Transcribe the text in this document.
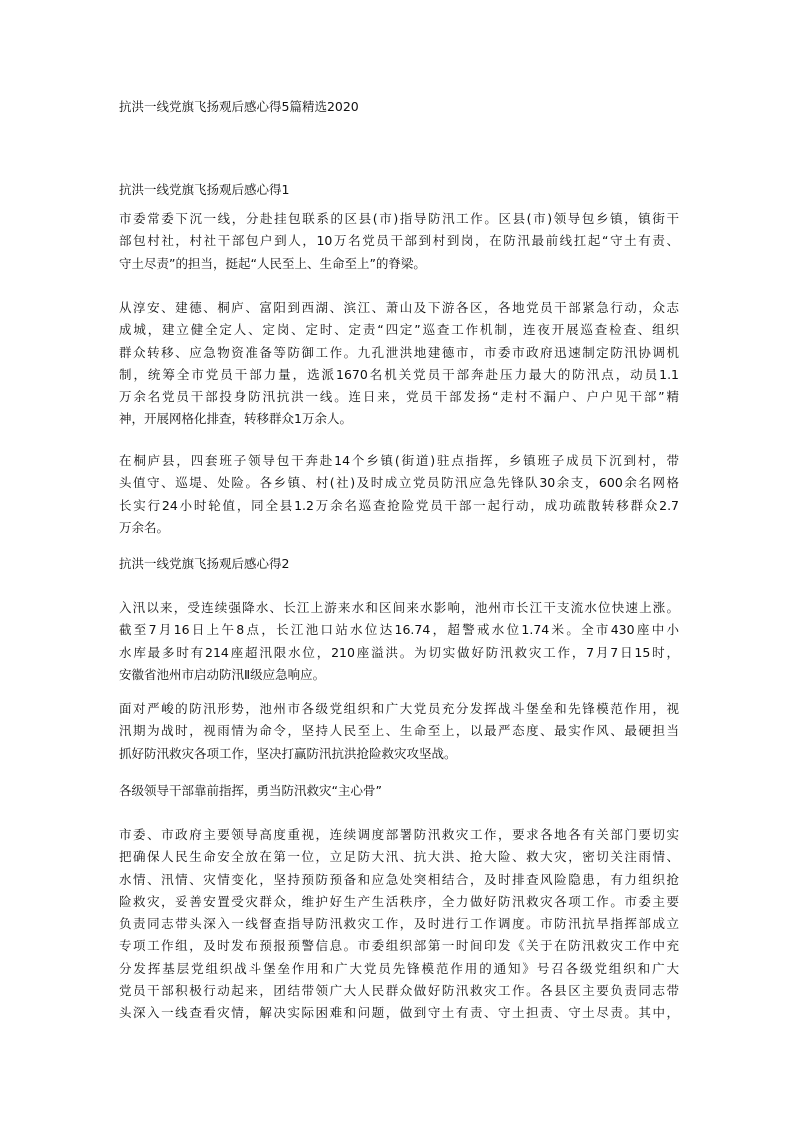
抗洪一线党旗飞扬观后感心得5篇精选2020
抗洪一线党旗飞扬观后感心得1
市委常委下沉一线，分赴挂包联系的区县(市)指导防汛工作。区县(市)领导包乡镇，镇街干
部包村社，村社干部包户到人，10万名党员干部到村到岗，在防汛最前线扛起“守土有责、
守土尽责”的担当，挺起“人民至上、生命至上”的脊梁。
从淳安、建德、桐庐、富阳到西湖、滨江、萧山及下游各区，各地党员干部紧急行动，众志
成城，建立健全定人、定岗、定时、定责“四定”巡查工作机制，连夜开展巡查检查、组织
群众转移、应急物资准备等防御工作。九孔泄洪地建德市，市委市政府迅速制定防汛协调机
制，统筹全市党员干部力量，选派1670名机关党员干部奔赴压力最大的防汛点，动员1.1
万余名党员干部投身防汛抗洪一线。连日来，党员干部发扬“走村不漏户、户户见干部”精
神，开展网格化排查，转移群众1万余人。
在桐庐县，四套班子领导包干奔赴14个乡镇(街道)驻点指挥，乡镇班子成员下沉到村，带
头值守、巡堤、处险。各乡镇、村(社)及时成立党员防汛应急先锋队30余支，600余名网格
长实行24小时轮值，同全县1.2万余名巡查抢险党员干部一起行动，成功疏散转移群众2.7
万余名。
抗洪一线党旗飞扬观后感心得2
入汛以来，受连续强降水、长江上游来水和区间来水影响，池州市长江干支流水位快速上涨。
截至7月16日上午8点，长江池口站水位达16.74，超警戒水位1.74米。全市430座中小
水库最多时有214座超汛限水位，210座溢洪。为切实做好防汛救灾工作，7月7日15时，
安徽省池州市启动防汛Ⅱ级应急响应。
面对严峻的防汛形势，池州市各级党组织和广大党员充分发挥战斗堡垒和先锋模范作用，视
汛期为战时，视雨情为命令，坚持人民至上、生命至上，以最严态度、最实作风、最硬担当
抓好防汛救灾各项工作，坚决打赢防汛抗洪抢险救灾攻坚战。
各级领导干部靠前指挥，勇当防汛救灾“主心骨”
市委、市政府主要领导高度重视，连续调度部署防汛救灾工作，要求各地各有关部门要切实
把确保人民生命安全放在第一位，立足防大汛、抗大洪、抢大险、救大灾，密切关注雨情、
水情、汛情、灾情变化，坚持预防预备和应急处突相结合，及时排查风险隐患，有力组织抢
险救灾，妥善安置受灾群众，维护好生产生活秩序，全力做好防汛救灾各项工作。市委主要
负责同志带头深入一线督查指导防汛救灾工作，及时进行工作调度。市防汛抗旱指挥部成立
专项工作组，及时发布预报预警信息。市委组织部第一时间印发《关于在防汛救灾工作中充
分发挥基层党组织战斗堡垒作用和广大党员先锋模范作用的通知》号召各级党组织和广大
党员干部积极行动起来，团结带领广大人民群众做好防汛救灾工作。各县区主要负责同志带
头深入一线查看灾情，解决实际困难和问题，做到守土有责、守土担责、守土尽责。其中，
